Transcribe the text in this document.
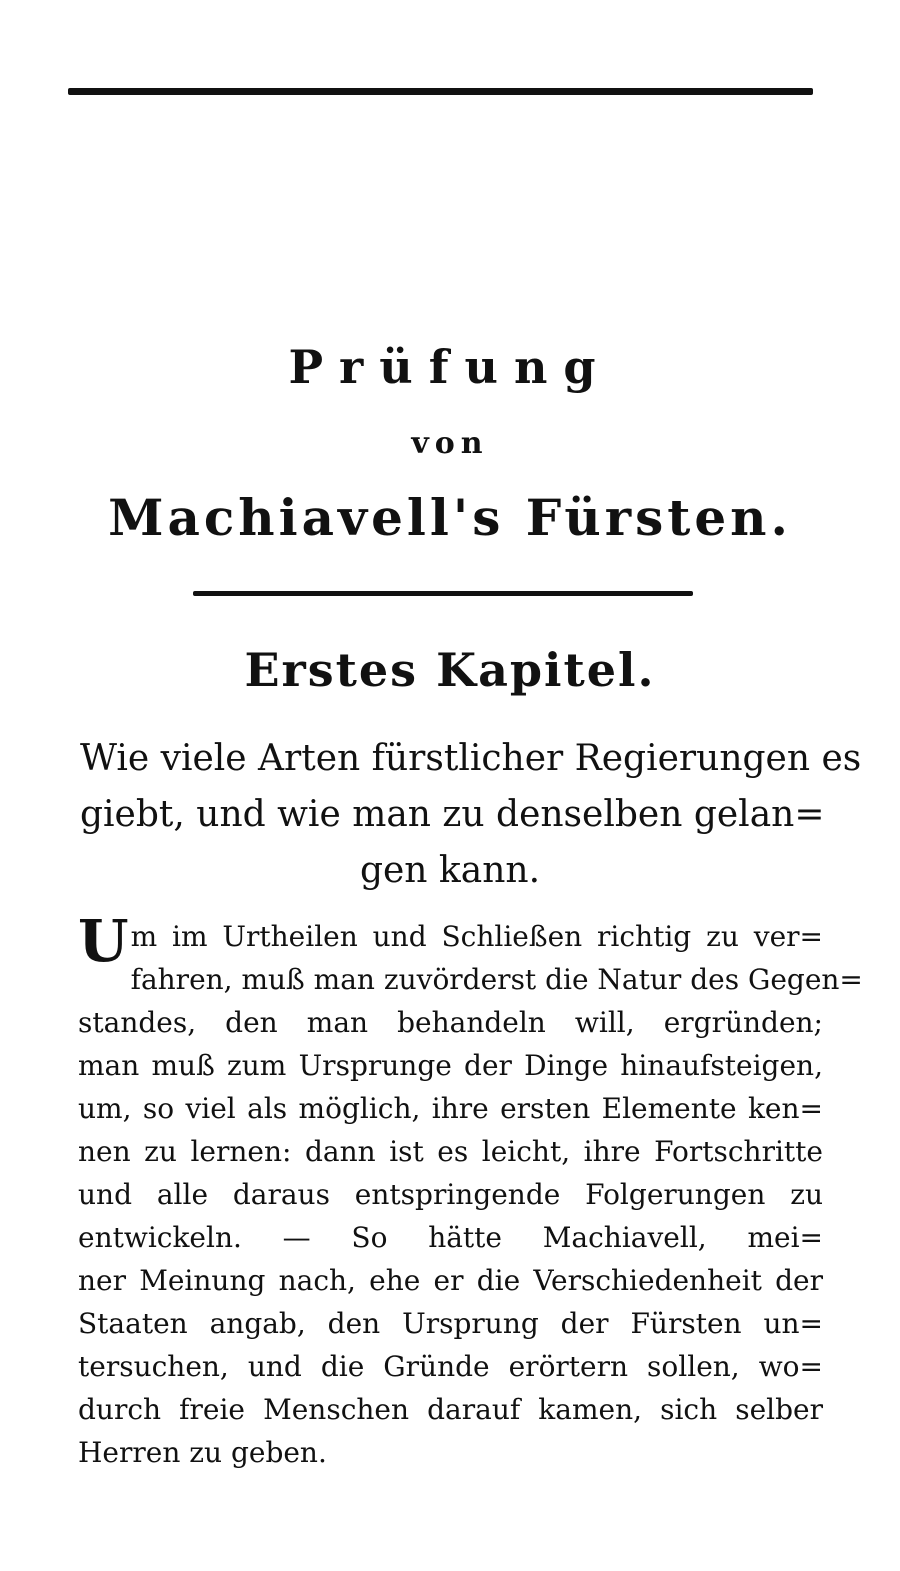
Prüfung
von
Machiavell's Fürsten.
Erstes Kapitel.
Wie viele Arten fürstlicher Regierungen es
giebt, und wie man zu denselben gelan=
gen kann.
U m im Urtheilen und Schließen richtig zu ver=
fahren, muß man zuvörderst die Natur des Gegen=
standes, den man behandeln will, ergründen;
man muß zum Ursprunge der Dinge hinaufsteigen,
um, so viel als möglich, ihre ersten Elemente ken=
nen zu lernen: dann ist es leicht, ihre Fortschritte
und alle daraus entspringende Folgerungen zu
entwickeln. — So hätte Machiavell, mei=
ner Meinung nach, ehe er die Verschiedenheit der
Staaten angab, den Ursprung der Fürsten un=
tersuchen, und die Gründe erörtern sollen, wo=
durch freie Menschen darauf kamen, sich selber
Herren zu geben.
